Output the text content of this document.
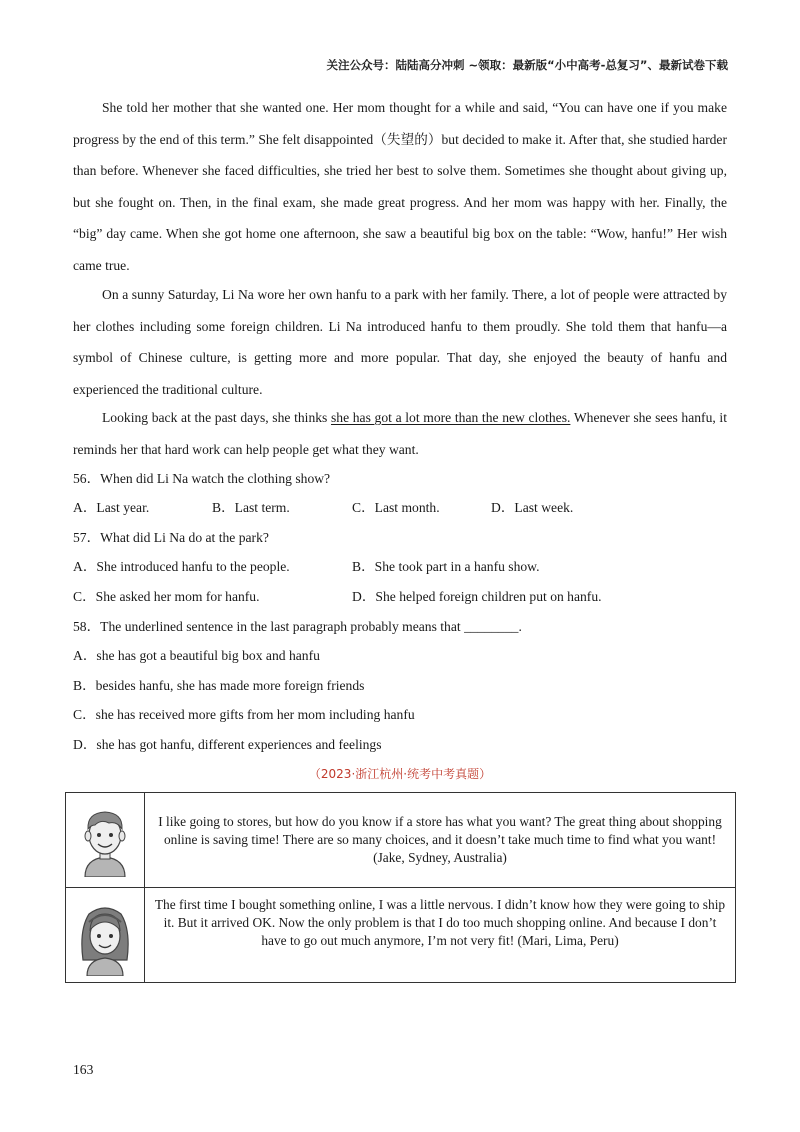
关注公众号：陆陆高分冲刺 ~领取：最新版“小中高考-总复习”、最新试卷下载
She told her mother that she wanted one. Her mom thought for a while and said, “You can have one if you make progress by the end of this term.” She felt disappointed（失望的）but decided to make it. After that, she studied harder than before. Whenever she faced difficulties, she tried her best to solve them. Sometimes she thought about giving up, but she fought on. Then, in the final exam, she made great progress. And her mom was happy with her. Finally, the “big” day came. When she got home one afternoon, she saw a beautiful big box on the table: “Wow, hanfu!” Her wish came true.
On a sunny Saturday, Li Na wore her own hanfu to a park with her family. There, a lot of people were attracted by her clothes including some foreign children. Li Na introduced hanfu to them proudly. She told them that hanfu—a symbol of Chinese culture, is getting more and more popular. That day, she enjoyed the beauty of hanfu and experienced the traditional culture.
Looking back at the past days, she thinks she has got a lot more than the new clothes. Whenever she sees hanfu, it reminds her that hard work can help people get what they want.
56．When did Li Na watch the clothing show?
A．Last year.	B．Last term.	C．Last month.	D．Last week.
57．What did Li Na do at the park?
A．She introduced hanfu to the people.	B．She took part in a hanfu show.
C．She asked her mom for hanfu.	D．She helped foreign children put on hanfu.
58．The underlined sentence in the last paragraph probably means that ________.
A．she has got a beautiful big box and hanfu
B．besides hanfu, she has made more foreign friends
C．she has received more gifts from her mom including hanfu
D．she has got hanfu, different experiences and feelings
（2023·浙江杭州·统考中考真题）
	I like going to stores, but how do you know if a store has what you want? The great thing about shopping online is saving time! There are so many choices, and it doesn’t take much time to find what you want! (Jake, Sydney, Australia)

	The first time I bought something online, I was a little nervous. I didn’t know how they were going to ship it. But it arrived OK. Now the only problem is that I do too much shopping online. And because I don’t have to go out much anymore, I’m not very fit! (Mari, Lima, Peru)
163
